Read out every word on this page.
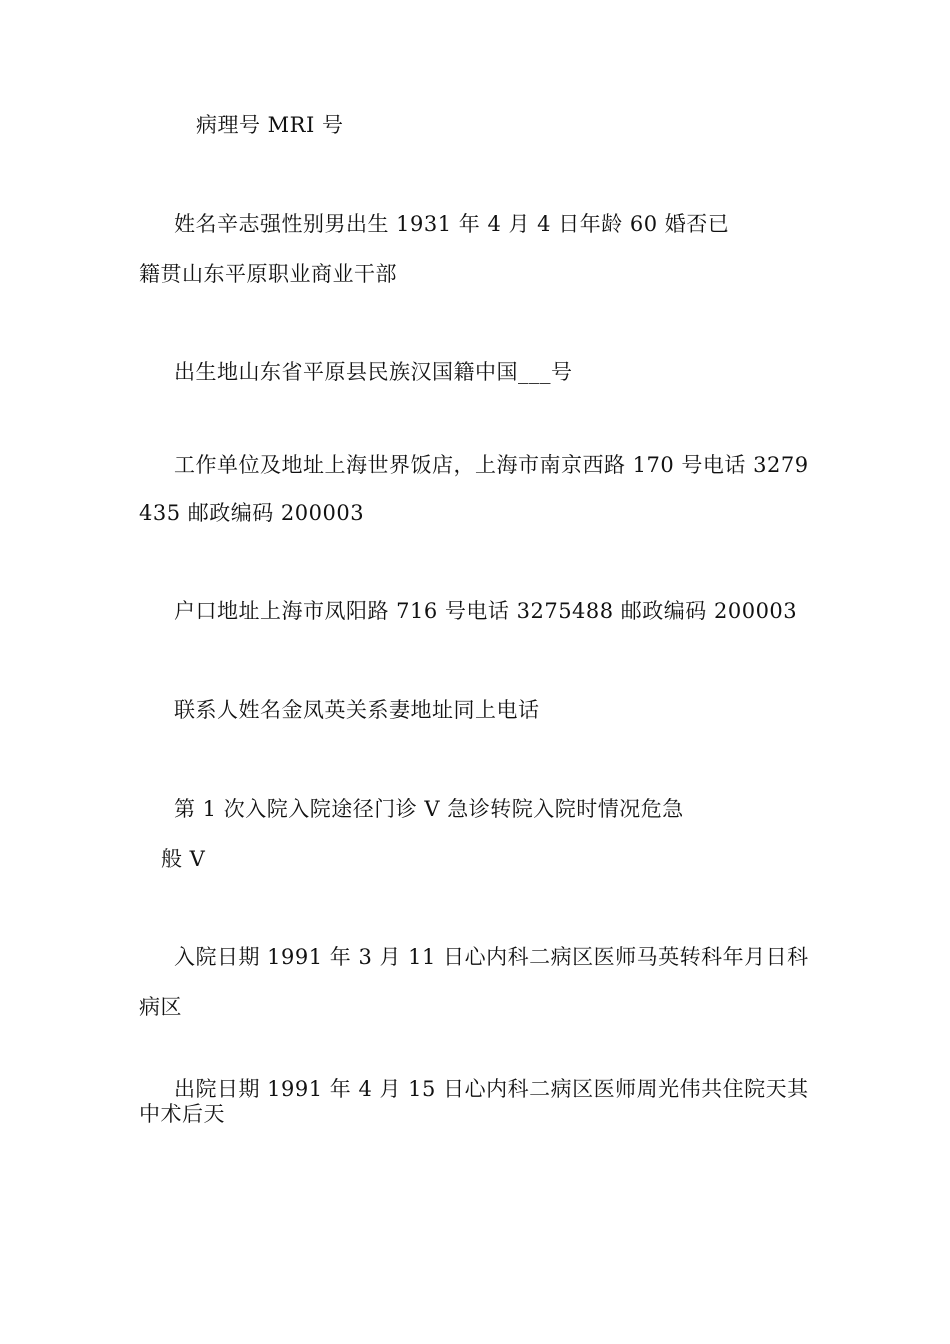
病理号 MRI 号
姓名辛志强性别男出生 1931 年 4 月 4 日年龄 60 婚否已
籍贯山东平原职业商业干部
出生地山东省平原县民族汉国籍中国___号
工作单位及地址上海世界饭店，上海市南京西路 170 号电话 3279
435 邮政编码 200003
户口地址上海市凤阳路 716 号电话 3275488 邮政编码 200003
联系人姓名金凤英关系妻地址同上电话
第 1 次入院入院途径门诊 V 急诊转院入院时情况危急
般 V
入院日期 1991 年 3 月 11 日心内科二病区医师马英转科年月日科
病区
出院日期 1991 年 4 月 15 日心内科二病区医师周光伟共住院天其
中术后天
